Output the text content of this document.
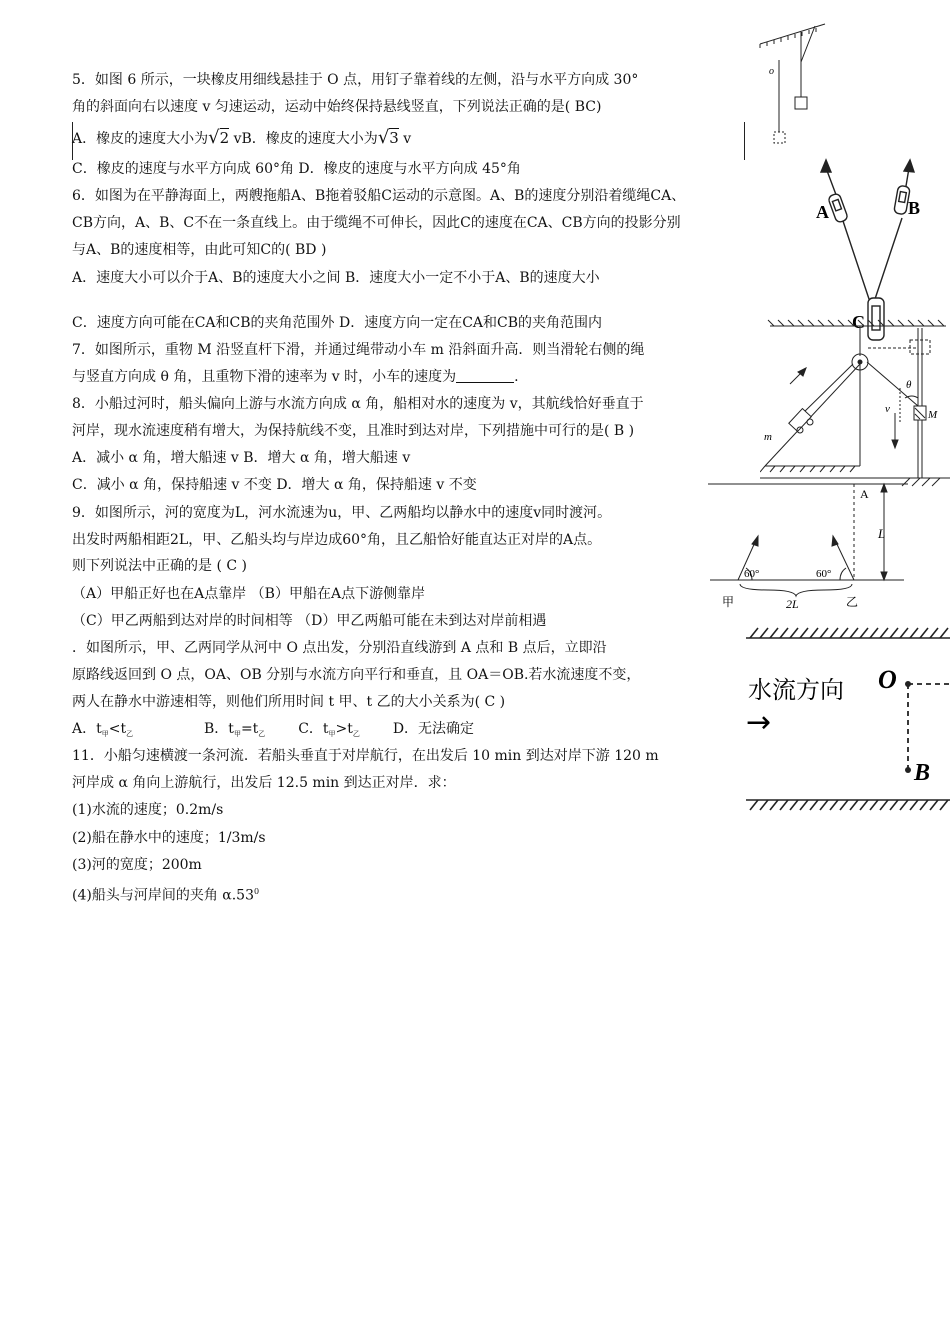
5．如图 6 所示，一块橡皮用细线悬挂于 O 点，用钉子靠着线的左侧，沿与水平方向成 30°
角的斜面向右以速度 v 匀速运动，运动中始终保持悬线竖直，下列说法正确的是( BC)
A．橡皮的速度大小为√2 vB．橡皮的速度大小为√3 v
C．橡皮的速度与水平方向成 60°角 D．橡皮的速度与水平方向成 45°角
6．如图为在平静海面上，两艘拖船A、B拖着驳船C运动的示意图。A、B的速度分别沿着缆绳CA、
CB方向，A、B、C不在一条直线上。由于缆绳不可伸长，因此C的速度在CA、CB方向的投影分别
与A、B的速度相等，由此可知C的( BD )
A．速度大小可以介于A、B的速度大小之间 B．速度大小一定不小于A、B的速度大小
C．速度方向可能在CA和CB的夹角范围外 D．速度方向一定在CA和CB的夹角范围内
7．如图所示，重物 M 沿竖直杆下滑，并通过绳带动小车 m 沿斜面升高．则当滑轮右侧的绳
与竖直方向成 θ 角，且重物下滑的速率为 v 时，小车的速度为	.
8．小船过河时，船头偏向上游与水流方向成 α 角，船相对水的速度为 v，其航线恰好垂直于
河岸，现水流速度稍有增大，为保持航线不变，且准时到达对岸，下列措施中可行的是( B )
A．减小 α 角，增大船速 v B．增大 α 角，增大船速 v
C．减小 α 角，保持船速 v 不变 D．增大 α 角，保持船速 v 不变
9．如图所示，河的宽度为L，河水流速为u，甲、乙两船均以静水中的速度v同时渡河。
出发时两船相距2L，甲、乙船头均与岸边成60°角，且乙船恰好能直达正对岸的A点。
则下列说法中正确的是 ( C )
（A）甲船正好也在A点靠岸 （B）甲船在A点下游侧靠岸
（C）甲乙两船到达对岸的时间相等 （D）甲乙两船可能在未到达对岸前相遇
．如图所示，甲、乙两同学从河中 O 点出发，分别沿直线游到 A 点和 B 点后，立即沿
原路线返回到 O 点，OA、OB 分别与水流方向平行和垂直，且 OA＝OB.若水流速度不变，
两人在静水中游速相等，则他们所用时间 t 甲、t 乙的大小关系为( C )
A．$t_甲<t_乙$	B．$t_甲=t_乙$ C．$t_甲>t_乙$ D．无法确定
11．小船匀速横渡一条河流．若船头垂直于对岸航行，在出发后 10 min 到达对岸下游 120 m
河岸成 α 角向上游航行，出发后 12.5 min 到达正对岸．求：
(1)水流的速度；0.2m/s
(2)船在静水中的速度；1/3m/s
(3)河的宽度；200m
(4)船头与河岸间的夹角 $\alpha.53^0$
o
A	B
C
m
M
v
θ
A
L
60°	60°
甲	2L	乙
水流方向
→
O
B
